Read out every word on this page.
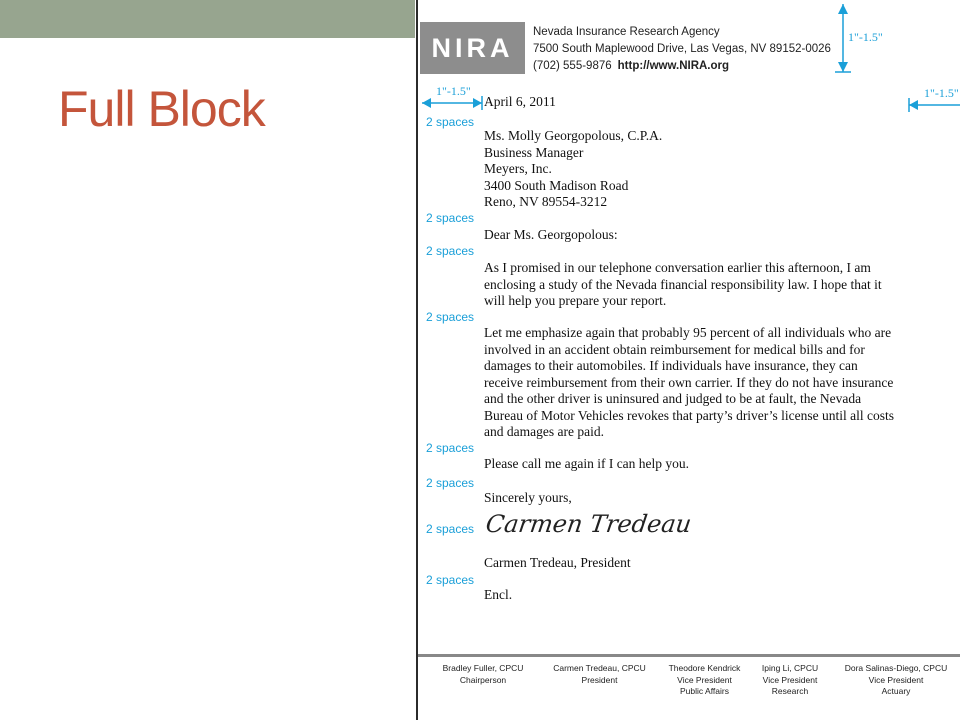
Full Block
NIRA
Nevada Insurance Research Agency
7500 South Maplewood Drive, Las Vegas, NV 89152-0026
(702) 555-9876 http://www.NIRA.org
1"-1.5"
1"-1.5"	1"-1.5"
2 spaces
2 spaces
2 spaces
2 spaces
2 spaces
2 spaces
2 spaces
2 spaces
April 6, 2011
Ms. Molly Georgopolous, C.P.A.
Business Manager
Meyers, Inc.
3400 South Madison Road
Reno, NV 89554-3212
Dear Ms. Georgopolous:
As I promised in our telephone conversation earlier this afternoon, I am
enclosing a study of the Nevada financial responsibility law. I hope that it
will help you prepare your report.
Let me emphasize again that probably 95 percent of all individuals who are
involved in an accident obtain reimbursement for medical bills and for
damages to their automobiles. If individuals have insurance, they can
receive reimbursement from their own carrier. If they do not have insurance
and the other driver is uninsured and judged to be at fault, the Nevada
Bureau of Motor Vehicles revokes that party’s driver’s license until all costs
and damages are paid.
Please call me again if I can help you.
Sincerely yours,
Carmen Tredeau
Carmen Tredeau, President
Encl.
Bradley Fuller, CPCU
Chairperson
Carmen Tredeau, CPCU
President
Theodore Kendrick
Vice President
Public Affairs
Iping Li, CPCU
Vice President
Research
Dora Salinas-Diego, CPCU
Vice President
Actuary
